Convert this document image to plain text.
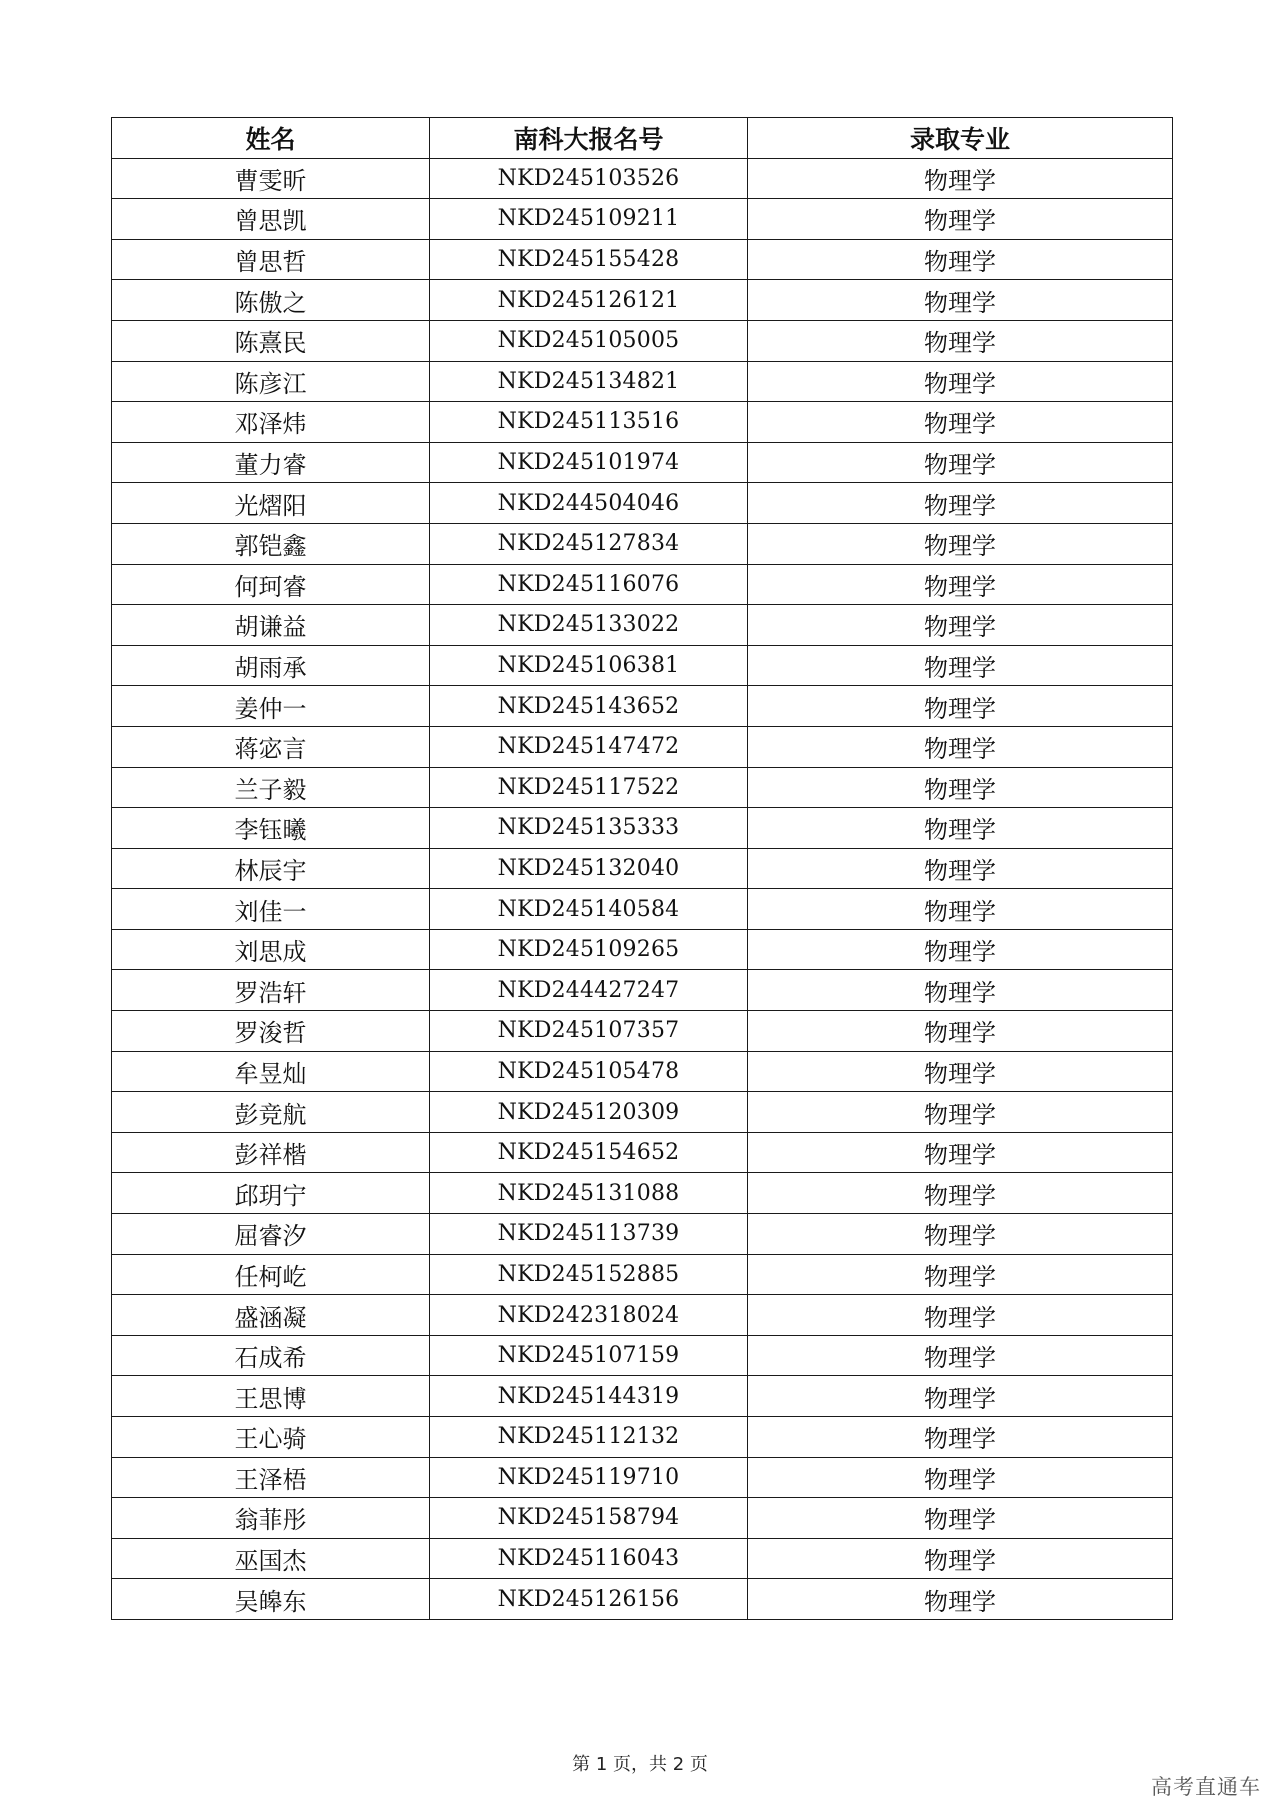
姓名	南科大报名号	录取专业
曹雯昕	NKD245103526	物理学
曾思凯	NKD245109211	物理学
曾思哲	NKD245155428	物理学
陈傲之	NKD245126121	物理学
陈熹民	NKD245105005	物理学
陈彦江	NKD245134821	物理学
邓泽炜	NKD245113516	物理学
董力睿	NKD245101974	物理学
光熠阳	NKD244504046	物理学
郭铠鑫	NKD245127834	物理学
何珂睿	NKD245116076	物理学
胡谦益	NKD245133022	物理学
胡雨承	NKD245106381	物理学
姜仲一	NKD245143652	物理学
蒋宓言	NKD245147472	物理学
兰子毅	NKD245117522	物理学
李钰曦	NKD245135333	物理学
林辰宇	NKD245132040	物理学
刘佳一	NKD245140584	物理学
刘思成	NKD245109265	物理学
罗浩轩	NKD244427247	物理学
罗浚哲	NKD245107357	物理学
牟昱灿	NKD245105478	物理学
彭竞航	NKD245120309	物理学
彭祥楷	NKD245154652	物理学
邱玥宁	NKD245131088	物理学
屈睿汐	NKD245113739	物理学
任柯屹	NKD245152885	物理学
盛涵凝	NKD242318024	物理学
石成希	NKD245107159	物理学
王思博	NKD245144319	物理学
王心骑	NKD245112132	物理学
王泽梧	NKD245119710	物理学
翁菲彤	NKD245158794	物理学
巫国杰	NKD245116043	物理学
吴皞东	NKD245126156	物理学
第 1 页，共 2 页
高考直通车
